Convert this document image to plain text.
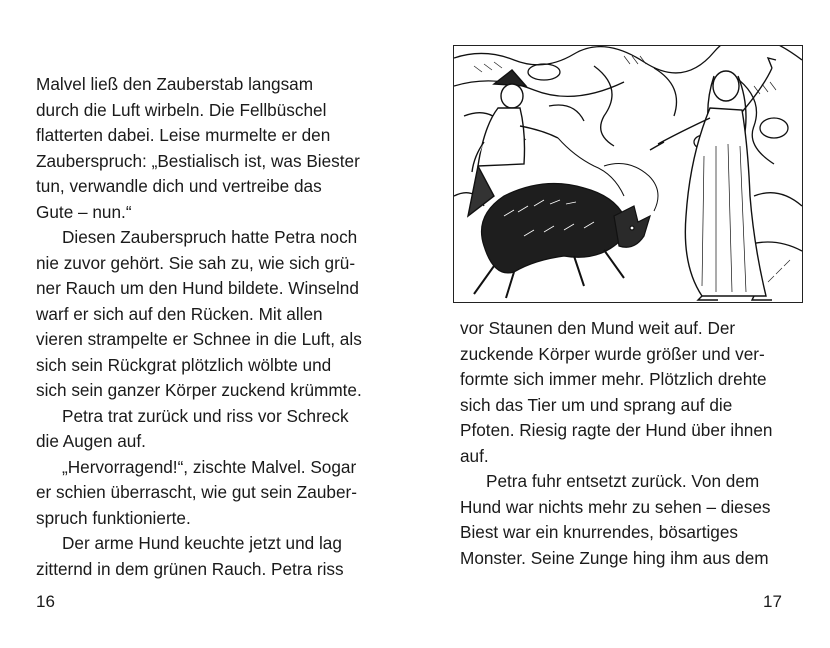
Malvel ließ den Zauberstab langsam
durch die Luft wirbeln. Die Fellbüschel
flatterten dabei. Leise murmelte er den
Zauberspruch: „Bestialisch ist, was Biester
tun, verwandle dich und vertreibe das
Gute – nun.“
Diesen Zauberspruch hatte Petra noch
nie zuvor gehört. Sie sah zu, wie sich grü-
ner Rauch um den Hund bildete. Winselnd
warf er sich auf den Rücken. Mit allen
vieren strampelte er Schnee in die Luft, als
sich sein Rückgrat plötzlich wölbte und
sich sein ganzer Körper zuckend krümmte.
Petra trat zurück und riss vor Schreck
die Augen auf.
„Hervorragend!“, zischte Malvel. Sogar
er schien überrascht, wie gut sein Zauber-
spruch funktionierte.
Der arme Hund keuchte jetzt und lag
zitternd in dem grünen Rauch. Petra riss
16
vor Staunen den Mund weit auf. Der
zuckende Körper wurde größer und ver-
formte sich immer mehr. Plötzlich drehte
sich das Tier um und sprang auf die
Pfoten. Riesig ragte der Hund über ihnen
auf.
Petra fuhr entsetzt zurück. Von dem
Hund war nichts mehr zu sehen – dieses
Biest war ein knurrendes, bösartiges
Monster. Seine Zunge hing ihm aus dem
17
